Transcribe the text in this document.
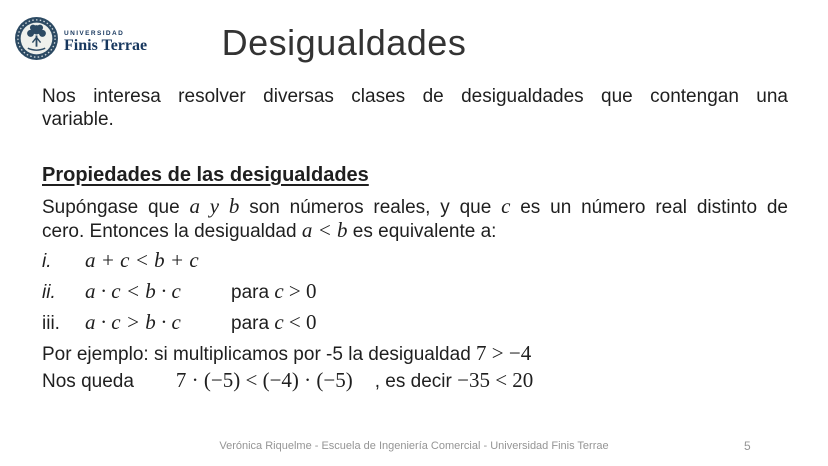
UNIVERSIDAD
Finis Terrae	Desigualdades
Nos interesa resolver diversas clases de desigualdades que contengan una
variable.
Propiedades de las desigualdades
Supóngase que a y b son números reales, y que c es un número real distinto de
cero. Entonces la desigualdad a < b es equivalente a:
i.	a + c < b + c
ii.	a · c < b · c	para c > 0
iii.	a · c > b · c	para c < 0
Por ejemplo: si multiplicamos por -5 la desigualdad 7 > −4
Nos queda 7 · (−5) < (−4) · (−5) , es decir −35 < 20
Verónica Riquelme - Escuela de Ingeniería Comercial - Universidad Finis Terrae	5
